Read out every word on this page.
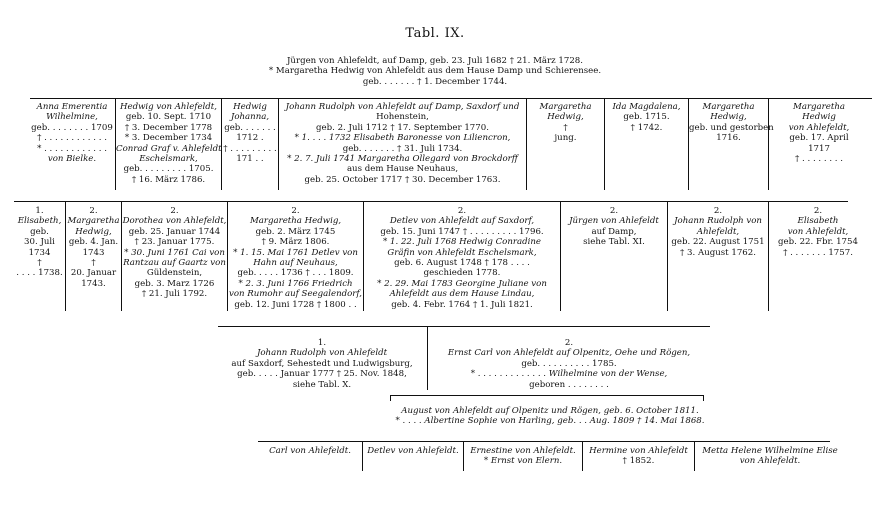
Tabl. IX.
Jürgen von Ahlefeldt, auf Damp, geb. 23. Juli 1682 † 21. März 1728.
* Margaretha Hedwig von Ahlefeldt aus dem Hause Damp und Schierensee.
geb. . . . . . . † 1. December 1744.
Anna Emerentia
Wilhelmine,
geb. . . . . . . . 1709
† . . . . . . . . . . . .
* . . . . . . . . . . . .
von Bielke.
Hedwig von Ahlefeldt,
geb. 10. Sept. 1710
† 3. December 1778
* 3. December 1734
Conrad Graf v. Ahlefeldt
Eschelsmark,
geb. . . . . . . . . 1705.
† 16. März 1786.
Hedwig
Johanna,
geb. . . . . . .
1712 .
† . . . . . . . . .
171 . .
Johann Rudolph von Ahlefeldt auf Damp, Saxdorf und
Hohenstein,
geb. 2. Juli 1712 † 17. September 1770.
* 1. . . . 1732 Elisabeth Baronesse von Liliencron,
geb. . . . . . . † 31. Juli 1734.
* 2. 7. Juli 1741 Margaretha Ollegard von Brockdorff
aus dem Hause Neuhaus,
geb. 25. October 1717 † 30. December 1763.
Margaretha
Hedwig,
†
jung.
Ida Magdalena,
geb. 1715.
† 1742.
Margaretha
Hedwig,
geb. und gestorben
1716.
Margaretha
Hedwig
von Ahlefeldt,
geb. 17. April
1717
† . . . . . . . .
1.
Elisabeth,
geb.
30. Juli
1734
†
. . . . 1738.
2.
Margaretha
Hedwig,
geb. 4. Jan.
1743
†
20. Januar
1743.
2.
Dorothea von Ahlefeldt,
geb. 25. Januar 1744
† 23. Januar 1775.
* 30. Juni 1761 Cai von
Rantzau auf Gaartz von
Güldenstein,
geb. 3. Marz 1726
† 21. Juli 1792.
2.
Margaretha Hedwig,
geb. 2. März 1745
† 9. März 1806.
* 1. 15. Mai 1761 Detlev von
Hahn auf Neuhaus,
geb. . . . . 1736 † . . . 1809.
* 2. 3. Juni 1766 Friedrich
von Rumohr auf Seegalendorf,
geb. 12. Juni 1728 † 1800 . .
2.
Detlev von Ahlefeldt auf Saxdorf,
geb. 15. Juni 1747 † . . . . . . . . . 1796.
* 1. 22. Juli 1768 Hedwig Conradine
Gräfin von Ahlefeldt Eschelsmark,
geb. 6. August 1748 † 178 . . . .
geschieden 1778.
* 2. 29. Mai 1783 Georgine Juliane von
Ahlefeldt aus dem Hause Lindau,
geb. 4. Febr. 1764 † 1. Juli 1821.
2.
Jürgen von Ahlefeldt
auf Damp,
siehe Tabl. XI.
2.
Johann Rudolph von
Ahlefeldt,
geb. 22. August 1751
† 3. August 1762.
2.
Elisabeth
von Ahlefeldt,
geb. 22. Fbr. 1754
† . . . . . . . 1757.
1.
Johann Rudolph von Ahlefeldt
auf Saxdorf, Sehestedt und Ludwigsburg,
geb. . . . . Januar 1777 † 25. Nov. 1848,
siehe Tabl. X.
2.
Ernst Carl von Ahlefeldt auf Olpenitz, Oehe und Rögen,
geb. . . . . . . . . . 1785.
* . . . . . . . . . . . . . Wilhelmine von der Wense,
geboren . . . . . . . .
August von Ahlefeldt auf Olpenitz und Rögen, geb. 6. October 1811.
* . . . . Albertine Sophie von Harling, geb. . . Aug. 1809 † 14. Mai 1868.
Carl von Ahlefeldt.	Detlev von Ahlefeldt.	Ernestine von Ahlefeldt.
* Ernst von Elern.
Hermine von Ahlefeldt
† 1852.
Metta Helene Wilhelmine Elise
von Ahlefeldt.
